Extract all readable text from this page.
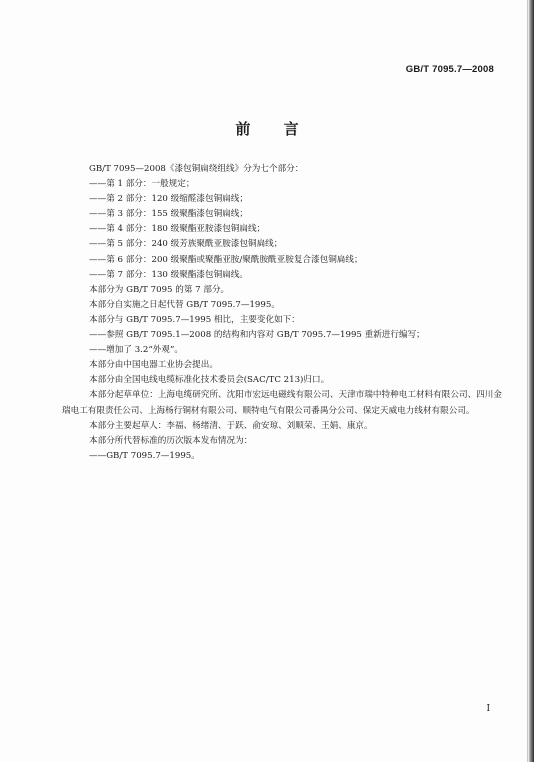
GB/T 7095.7—2008
前 言

GB/T 7095—2008《漆包铜扁绕组线》分为七个部分：

——第 1 部分：一般规定；

——第 2 部分：120 级缩醛漆包铜扁线；

——第 3 部分：155 级聚酯漆包铜扁线；

——第 4 部分：180 级聚酯亚胺漆包铜扁线；

——第 5 部分：240 级芳族聚酰亚胺漆包铜扁线；

——第 6 部分：200 级聚酯或聚酯亚胺/聚酰胺酰亚胺复合漆包铜扁线；

——第 7 部分：130 级聚酯漆包铜扁线。

本部分为 GB/T 7095 的第 7 部分。

本部分自实施之日起代替 GB/T 7095.7—1995。

本部分与 GB/T 7095.7—1995 相比，主要变化如下：

——参照 GB/T 7095.1—2008 的结构和内容对 GB/T 7095.7—1995 重新进行编写；

——增加了 3.2“外观”。

本部分由中国电器工业协会提出。

本部分由全国电线电缆标准化技术委员会(SAC/TC 213)归口。

本部分起草单位：上海电缆研究所、沈阳市宏远电磁线有限公司、天津市瑞中特种电工材料有限公司、四川金瑞电工有限责任公司、上海杨行铜材有限公司、顺特电气有限公司番禺分公司、保定天威电力线材有限公司。

本部分主要起草人：李福、杨绪清、于跃、俞安琼、刘顺荣、王娟、康京。

本部分所代替标准的历次版本发布情况为：

——GB/T 7095.7—1995。

I
